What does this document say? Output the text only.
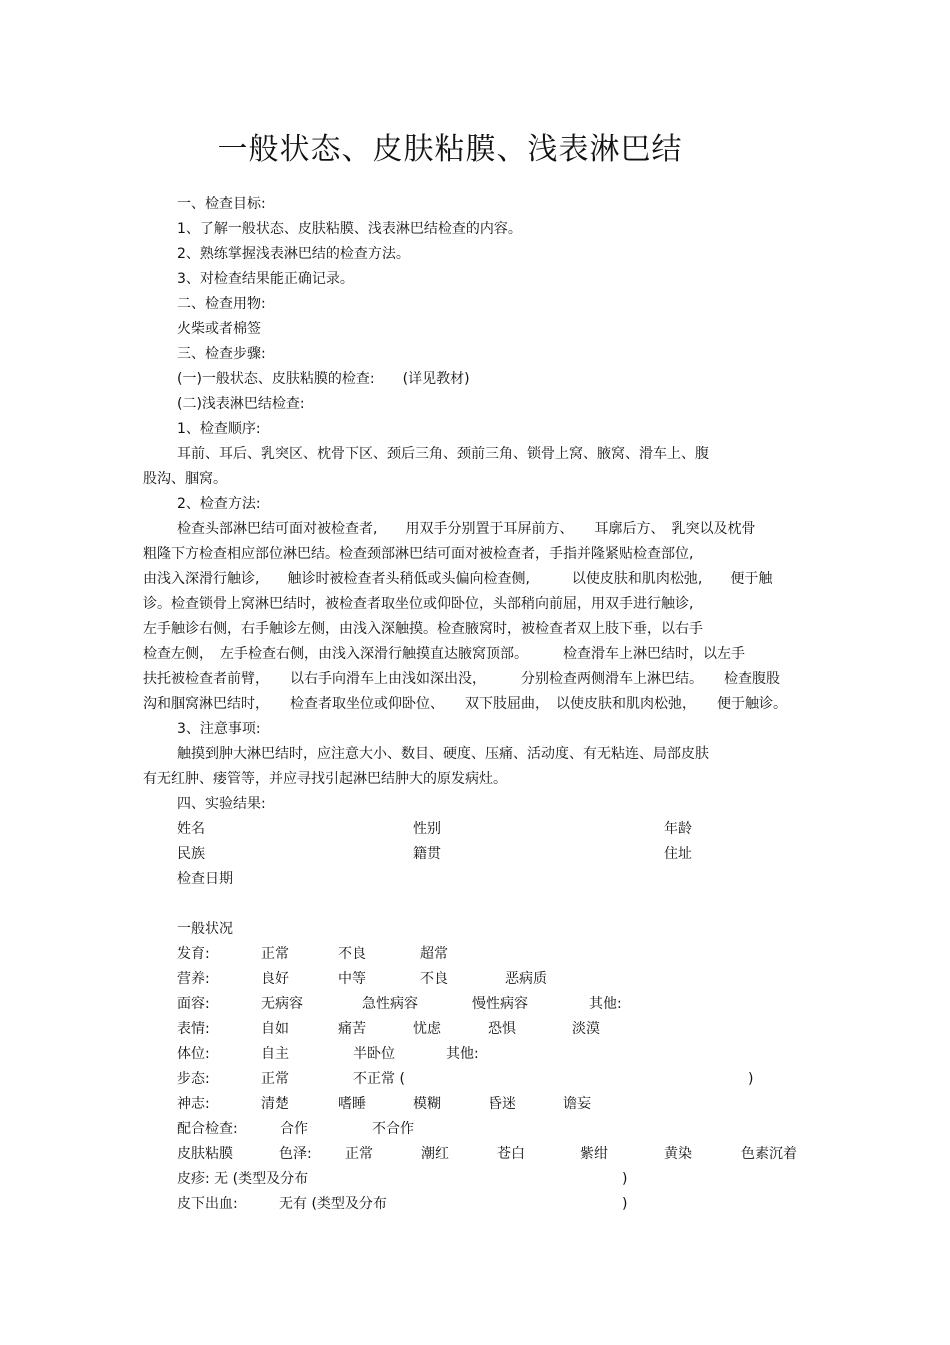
一般状态、皮肤粘膜、浅表淋巴结
一、检查目标:
1、了解一般状态、皮肤粘膜、浅表淋巴结检查的内容。
2、熟练掌握浅表淋巴结的检查方法。
3、对检查结果能正确记录。
二、检查用物:
火柴或者棉签
三、检查步骤:
(一)一般状态、皮肤粘膜的检查:　　(详见教材)
(二)浅表淋巴结检查:
1、检查顺序:
耳前、耳后、乳突区、枕骨下区、颈后三角、颈前三角、锁骨上窝、腋窝、滑车上、腹
股沟、腘窝。
2、检查方法:
检查头部淋巴结可面对被检查者,　　用双手分别置于耳屏前方、　　耳廓后方、　乳突以及枕骨
粗隆下方检查相应部位淋巴结。检查颈部淋巴结可面对被检查者，手指并隆紧贴检查部位,
由浅入深滑行触诊,　　触诊时被检查者头稍低或头偏向检查侧,　　　以使皮肤和肌肉松弛,　　便于触
诊。检查锁骨上窝淋巴结时，被检查者取坐位或仰卧位，头部稍向前屈，用双手进行触诊,
左手触诊右侧，右手触诊左侧，由浅入深触摸。检查腋窝时，被检查者双上肢下垂，以右手
检查左侧，　左手检查右侧，由浅入深滑行触摸直达腋窝顶部。　　　检查滑车上淋巴结时，以左手
扶托被检查者前臂，　　以右手向滑车上由浅如深出没，　　　分别检查两侧滑车上淋巴结。　　检查腹股
沟和腘窝淋巴结时，　　检查者取坐位或仰卧位、　　双下肢屈曲，　以使皮肤和肌肉松弛，　　便于触诊。
3、注意事项:
触摸到肿大淋巴结时，应注意大小、数目、硬度、压痛、活动度、有无粘连、局部皮肤
有无红肿、瘘管等，并应寻找引起淋巴结肿大的原发病灶。
四、实验结果:
姓名	性别	年龄
民族	籍贯	住址
检查日期
一般状况
发育:	正常	不良	超常
营养:	良好	中等	不良	恶病质
面容:	无病容	急性病容	慢性病容	其他:
表情:	自如	痛苦	忧虑	恐惧	淡漠
体位:	自主	半卧位	其他:
步态:	正常	不正常 (	)
神志:	清楚	嗜睡	模糊	昏迷	谵妄
配合检查:	合作	不合作
皮肤粘膜	色泽: 正常	潮红	苍白	紫绀	黄染	色素沉着
皮疹: 无 (类型及分布	)
皮下出血:	无有 (类型及分布	)
